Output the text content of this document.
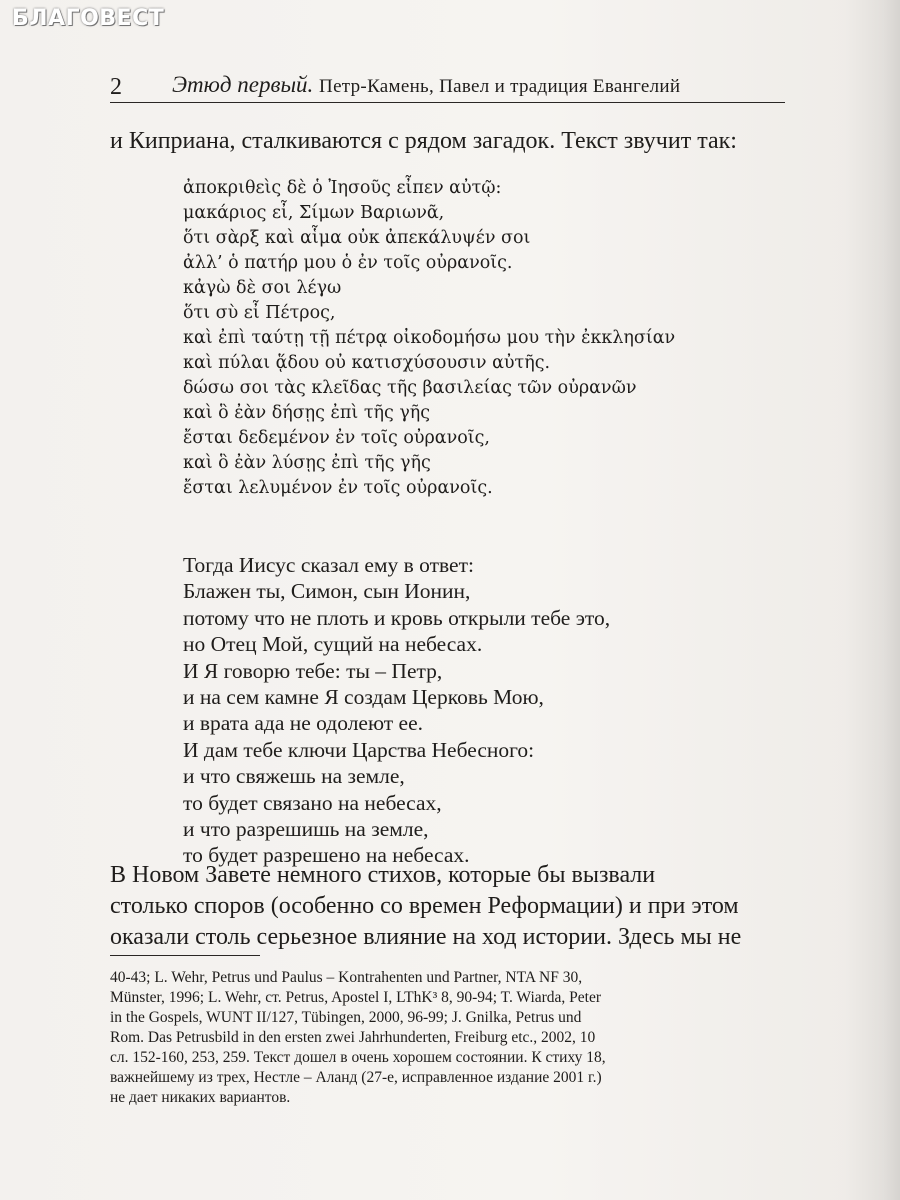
БЛАГОВЕСТ
2	Этюд первый. Петр-Камень, Павел и традиция Евангелий
и Киприана, сталкиваются с рядом загадок. Текст звучит так:
ἀποκριθεὶς δὲ ὁ Ἰησοῦς εἶπεν αὐτῷ:
μακάριος εἶ, Σίμων Βαριωνᾶ,
ὅτι σὰρξ καὶ αἷμα οὐκ ἀπεκάλυψέν σοι
ἀλλ’ ὁ πατήρ μου ὁ ἐν τοῖς οὐρανοῖς.
κἀγὼ δὲ σοι λέγω
ὅτι σὺ εἶ Πέτρος,
καὶ ἐπὶ ταύτῃ τῇ πέτρᾳ οἰκοδομήσω μου τὴν ἐκκλησίαν
καὶ πύλαι ᾅδου οὐ κατισχύσουσιν αὐτῆς.
δώσω σοι τὰς κλεῖδας τῆς βασιλείας τῶν οὐρανῶν
καὶ ὃ ἐὰν δήσῃς ἐπὶ τῆς γῆς
ἔσται δεδεμένον ἐν τοῖς οὐρανοῖς,
καὶ ὃ ἐὰν λύσῃς ἐπὶ τῆς γῆς
ἔσται λελυμένον ἐν τοῖς οὐρανοῖς.
Тогда Иисус сказал ему в ответ:
Блажен ты, Симон, сын Ионин,
потому что не плоть и кровь открыли тебе это,
но Отец Мой, сущий на небесах.
И Я говорю тебе: ты – Петр,
и на сем камне Я создам Церковь Мою,
и врата ада не одолеют ее.
И дам тебе ключи Царства Небесного:
и что свяжешь на земле,
то будет связано на небесах,
и что разрешишь на земле,
то будет разрешено на небесах.

В Новом Завете немного стихов, которые бы вызвали
столько споров (особенно со времен Реформации) и при этом
оказали столь серьезное влияние на ход истории. Здесь мы не

40-43; L. Wehr, Petrus und Paulus – Kontrahenten und Partner, NTA NF 30,
Münster, 1996; L. Wehr, ст. Petrus, Apostel I, LThK³ 8, 90-94; T. Wiarda, Peter
in the Gospels, WUNT II/127, Tübingen, 2000, 96-99; J. Gnilka, Petrus und
Rom. Das Petrusbild in den ersten zwei Jahrhunderten, Freiburg etc., 2002, 10
сл. 152-160, 253, 259. Текст дошел в очень хорошем состоянии. К стиху 18,
важнейшему из трех, Нестле – Аланд (27-е, исправленное издание 2001 г.)
не дает никаких вариантов.
